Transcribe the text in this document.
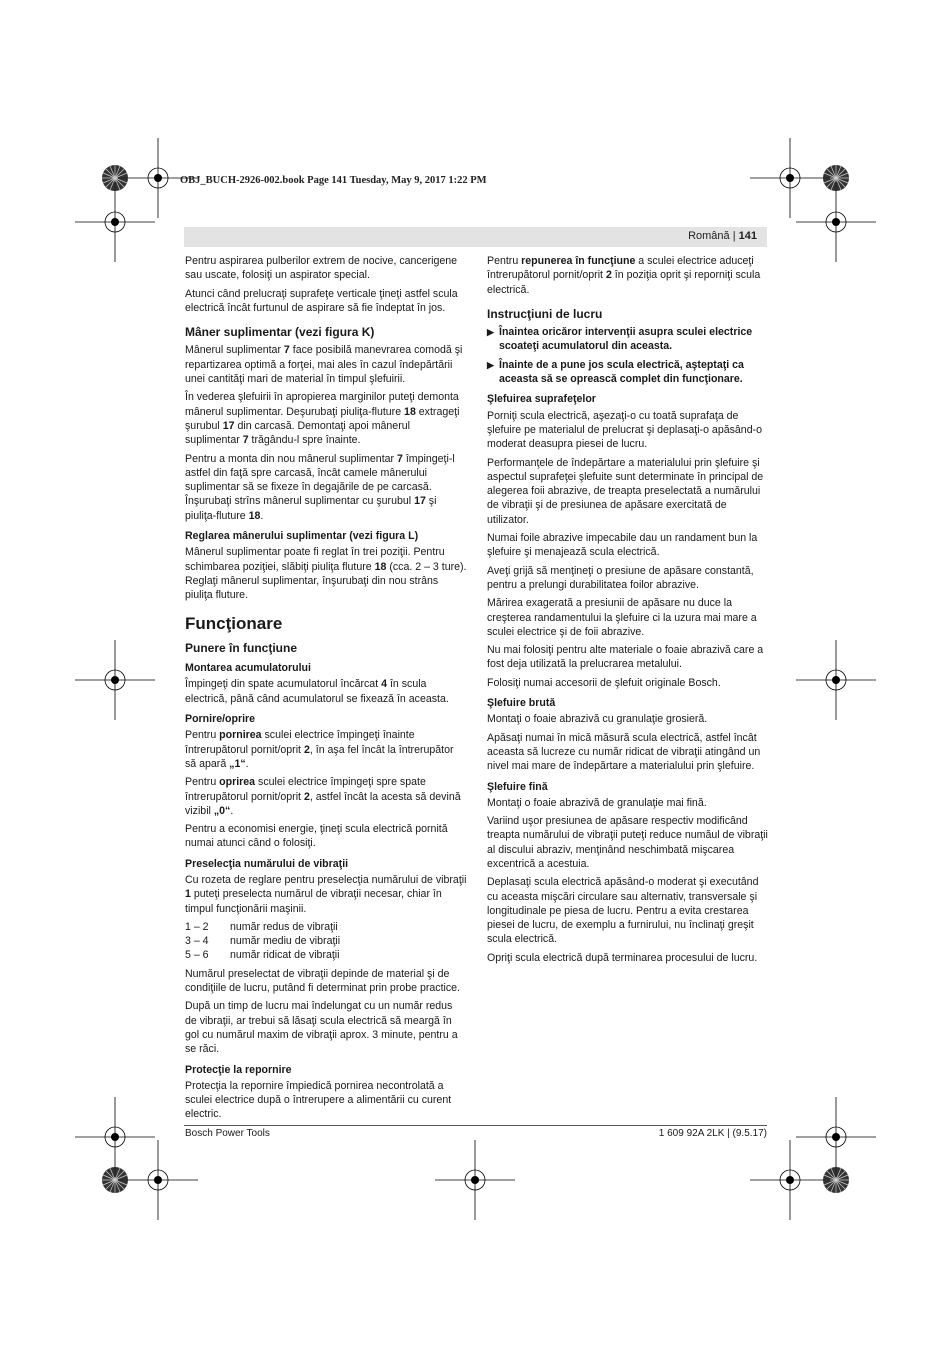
OBJ_BUCH-2926-002.book Page 141 Tuesday, May 9, 2017 1:22 PM
Română | 141

Pentru aspirarea pulberilor extrem de nocive, cancerigene sau uscate, folosiţi un aspirator special.

Atunci când prelucraţi suprafeţe verticale ţineţi astfel scula electrică încât furtunul de aspirare să fie îndeptat în jos.

Mâner suplimentar (vezi figura K)

Mânerul suplimentar 7 face posibilă manevrarea comodă şi repartizarea optimă a forţei, mai ales în cazul îndepărtării unei cantităţi mari de material în timpul şlefuirii.

În vederea şlefuirii în apropierea marginilor puteţi demonta mânerul suplimentar. Deşurubaţi piuliţa-fluture 18 extrageţi şurubul 17 din carcasă. Demontaţi apoi mânerul suplimentar 7 trăgându-l spre înainte.

Pentru a monta din nou mânerul suplimentar 7 împingeţi-l astfel din faţă spre carcasă, încât camele mânerului suplimentar să se fixeze în degajările de pe carcasă. Înşurubaţi strîns mânerul suplimentar cu şurubul 17 şi piuliţa-fluture 18.

Reglarea mânerului suplimentar (vezi figura L)

Mânerul suplimentar poate fi reglat în trei poziţii. Pentru schimbarea poziţiei, slăbiţi piuliţa fluture 18 (cca. 2 – 3 ture). Reglaţi mânerul suplimentar, înşurubaţi din nou strâns piuliţa fluture.

Funcţionare
Punere în funcţiune
Montarea acumulatorului

Împingeţi din spate acumulatorul încărcat 4 în scula electrică, până când acumulatorul se fixează în aceasta.

Pornire/oprire

Pentru pornirea sculei electrice împingeţi înainte întrerupătorul pornit/oprit 2, în aşa fel încât la întrerupător să apară „1“.

Pentru oprirea sculei electrice împingeţi spre spate întrerupătorul pornit/oprit 2, astfel încât la acesta să devină vizibil „0“.

Pentru a economisi energie, ţineţi scula electrică pornită numai atunci când o folosiţi.

Preselecţia numărului de vibraţii

Cu rozeta de reglare pentru preselecţia numărului de vibraţii 1 puteţi preselecta numărul de vibraţii necesar, chiar în timpul funcţionării maşinii.

1 – 2	număr redus de vibraţii
3 – 4	număr mediu de vibraţii
5 – 6	număr ridicat de vibraţii

Numărul preselectat de vibraţii depinde de material şi de condiţiile de lucru, putând fi determinat prin probe practice.

După un timp de lucru mai îndelungat cu un număr redus de vibraţii, ar trebui să lăsaţi scula electrică să meargă în gol cu numărul maxim de vibraţii aprox. 3 minute, pentru a se răci.

Protecţie la repornire

Protecţia la repornire împiedică pornirea necontrolată a sculei electrice după o întrerupere a alimentării cu curent electric.

Pentru repunerea în funcţiune a sculei electrice aduceţi întrerupătorul pornit/oprit 2 în poziţia oprit şi reporniţi scula electrică.

Instrucţiuni de lucru
▶ Înaintea oricăror intervenţii asupra sculei electrice scoateţi acumulatorul din aceasta.
▶ Înainte de a pune jos scula electrică, aşteptaţi ca aceasta să se oprească complet din funcţionare.
Şlefuirea suprafeţelor

Porniţi scula electrică, aşezaţi-o cu toată suprafaţa de şlefuire pe materialul de prelucrat şi deplasaţi-o apăsând-o moderat deasupra piesei de lucru.

Performanţele de îndepărtare a materialului prin şlefuire şi aspectul suprafeţei şlefuite sunt determinate în principal de alegerea foii abrazive, de treapta preselectată a numărului de vibraţii şi de presiunea de apăsare exercitată de utilizator.

Numai foile abrazive impecabile dau un randament bun la şlefuire şi menajează scula electrică.

Aveţi grijă să menţineţi o presiune de apăsare constantă, pentru a prelungi durabilitatea foilor abrazive.

Mărirea exagerată a presiunii de apăsare nu duce la creşterea randamentului la şlefuire ci la uzura mai mare a sculei electrice şi de foii abrazive.

Nu mai folosiţi pentru alte materiale o foaie abrazivă care a fost deja utilizată la prelucrarea metalului.

Folosiţi numai accesorii de şlefuit originale Bosch.

Şlefuire brută

Montaţi o foaie abrazivă cu granulaţie grosieră.

Apăsaţi numai în mică măsură scula electrică, astfel încât aceasta să lucreze cu număr ridicat de vibraţii atingând un nivel mai mare de îndepărtare a materialului prin şlefuire.

Şlefuire fină

Montaţi o foaie abrazivă de granulaţie mai fină.

Variind uşor presiunea de apăsare respectiv modificând treapta numărului de vibraţii puteţi reduce număul de vibraţii al discului abraziv, menţinând neschimbată mişcarea excentrică a acestuia.

Deplasaţi scula electrică apăsând-o moderat şi executând cu aceasta mişcări circulare sau alternativ, transversale şi longitudinale pe piesa de lucru. Pentru a evita crestarea piesei de lucru, de exemplu a furnirului, nu înclinaţi greşit scula electrică.

Opriţi scula electrică după terminarea procesului de lucru.

Bosch Power Tools	1 609 92A 2LK | (9.5.17)
